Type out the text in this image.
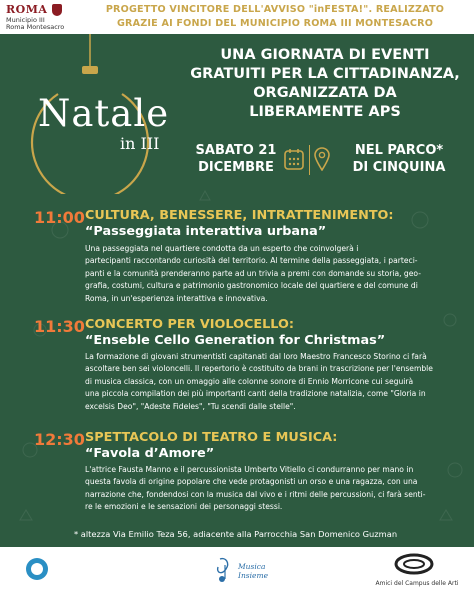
ROMA
Municipio III
Roma Montesacro
PROGETTO VINCITORE DELL'AVVISO "inFESTA!". REALIZZATO
GRAZIE AI FONDI DEL MUNICIPIO ROMA III MONTESACRO
Natale
in III
UNA GIORNATA DI EVENTI
GRATUITI PER LA CITTADINANZA,
ORGANIZZATA DA
LIBERAMENTE APS
SABATO 21
DICEMBRE
NEL PARCO*
DI CINQUINA
11:00 CULTURA, BENESSERE, INTRATTENIMENTO:
“Passeggiata interattiva urbana”
Una passeggiata nel quartiere condotta da un esperto che coinvolgerà i
partecipanti raccontando curiosità del territorio. Al termine della passeggiata, i parteci-
panti e la comunità prenderanno parte ad un trivia a premi con domande su storia, geo-
grafia, costumi, cultura e patrimonio gastronomico locale del quartiere e del comune di
Roma, in un'esperienza interattiva e innovativa.
11:30 CONCERTO PER VIOLOCELLO:
“Enseble Cello Generation for Christmas”
La formazione di giovani strumentisti capitanati dal loro Maestro Francesco Storino ci farà
ascoltare ben sei violoncelli. Il repertorio è costituito da brani in trascrizione per l'ensemble
di musica classica, con un omaggio alle colonne sonore di Ennio Morricone cui seguirà
una piccola compilation dei più importanti canti della tradizione natalizia, come "Gloria in
excelsis Deo", "Adeste Fideles", "Tu scendi dalle stelle".
12:30 SPETTACOLO DI TEATRO E MUSICA:
“Favola d’Amore”
L'attrice Fausta Manno e il percussionista Umberto Vitiello ci condurranno per mano in
questa favola di origine popolare che vede protagonisti un orso e una ragazza, con una
narrazione che, fondendosi con la musica dal vivo e i ritmi delle percussioni, ci farà senti-
re le emozioni e le sensazioni dei personaggi stessi.
* altezza Via Emilio Teza 56, adiacente alla Parrocchia San Domenico Guzman
Musica
Insieme
Amici del Campus delle Arti
